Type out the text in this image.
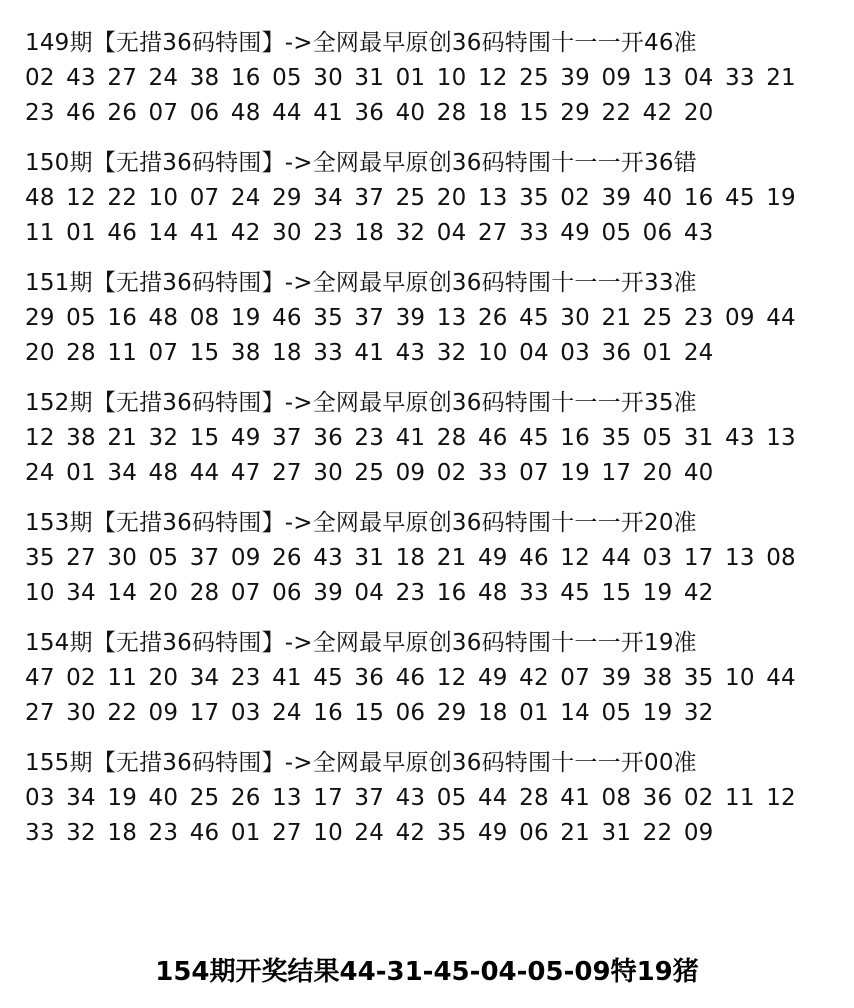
149期【无措36码特围】->全网最早原创36码特围十一一开46准
02 43 27 24 38 16 05 30 31 01 10 12 25 39 09 13 04 33 21
23 46 26 07 06 48 44 41 36 40 28 18 15 29 22 42 20
150期【无措36码特围】->全网最早原创36码特围十一一开36错
48 12 22 10 07 24 29 34 37 25 20 13 35 02 39 40 16 45 19
11 01 46 14 41 42 30 23 18 32 04 27 33 49 05 06 43
151期【无措36码特围】->全网最早原创36码特围十一一开33准
29 05 16 48 08 19 46 35 37 39 13 26 45 30 21 25 23 09 44
20 28 11 07 15 38 18 33 41 43 32 10 04 03 36 01 24
152期【无措36码特围】->全网最早原创36码特围十一一开35准
12 38 21 32 15 49 37 36 23 41 28 46 45 16 35 05 31 43 13
24 01 34 48 44 47 27 30 25 09 02 33 07 19 17 20 40
153期【无措36码特围】->全网最早原创36码特围十一一开20准
35 27 30 05 37 09 26 43 31 18 21 49 46 12 44 03 17 13 08
10 34 14 20 28 07 06 39 04 23 16 48 33 45 15 19 42
154期【无措36码特围】->全网最早原创36码特围十一一开19准
47 02 11 20 34 23 41 45 36 46 12 49 42 07 39 38 35 10 44
27 30 22 09 17 03 24 16 15 06 29 18 01 14 05 19 32
155期【无措36码特围】->全网最早原创36码特围十一一开00准
03 34 19 40 25 26 13 17 37 43 05 44 28 41 08 36 02 11 12
33 32 18 23 46 01 27 10 24 42 35 49 06 21 31 22 09
154期开奖结果44-31-45-04-05-09特19猪
